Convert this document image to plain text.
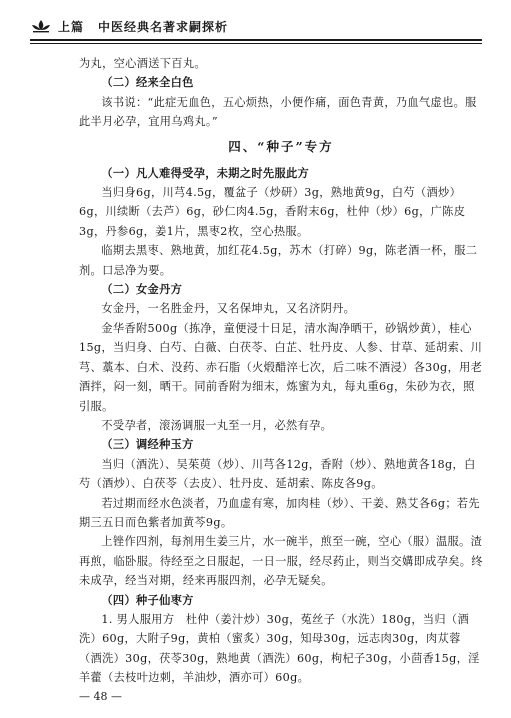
上篇 中医经典名著求嗣探析

为丸，空心酒送下百丸。

（二）经来全白色

该书说：“此症无血色，五心烦热，小便作痛，面色青黄，乃血气虚也。服此半月必孕，宜用乌鸡丸。”

四、“种子”专方
（一）凡人难得受孕，未期之时先服此方

当归身6g，川芎4.5g，覆盆子（炒研）3g，熟地黄9g，白芍（酒炒）6g，川续断（去芦）6g，砂仁肉4.5g，香附末6g，杜仲（炒）6g，广陈皮3g，丹参6g，姜1片，黑枣2枚，空心热服。

临期去黑枣、熟地黄，加红花4.5g，苏木（打碎）9g，陈老酒一杯，服二剂。口忌净为要。

（二）女金丹方

女金丹，一名胜金丹，又名保坤丸，又名济阴丹。

金华香附500g（拣净，童便浸十日足，清水淘净晒干，砂锅炒黄），桂心15g，当归身、白芍、白薇、白茯苓、白芷、牡丹皮、人参、甘草、延胡索、川芎、藁本、白术、没药、赤石脂（火煅醋淬七次，后二味不酒浸）各30g，用老酒拌，闷一刻，晒干。同前香附为细末，炼蜜为丸，每丸重6g，朱砂为衣，照引服。

不受孕者，滚汤调服一丸至一月，必然有孕。

（三）调经种玉方

当归（酒洗）、吴茱萸（炒）、川芎各12g，香附（炒）、熟地黄各18g，白芍（酒炒）、白茯苓（去皮）、牡丹皮、延胡索、陈皮各9g。

若过期而经水色淡者，乃血虚有寒，加肉桂（炒）、干姜、熟艾各6g；若先期三五日而色紫者加黄芩9g。

上锉作四剂，每剂用生姜三片，水一碗半，煎至一碗，空心（服）温服。渣再煎，临卧服。待经至之日服起，一日一服，经尽药止，则当交媾即成孕矣。终未成孕，经当对期，经来再服四剂，必孕无疑矣。

（四）种子仙枣方

1. 男人服用方　杜仲（姜汁炒）30g，菟丝子（水洗）180g，当归（酒洗）60g，大附子9g，黄柏（蜜炙）30g，知母30g，远志肉30g，肉苁蓉（酒洗）30g，茯苓30g，熟地黄（酒洗）60g，枸杞子30g，小茴香15g，淫羊藿（去枝叶边刺，羊油炒，酒亦可）60g。

— 48 —
